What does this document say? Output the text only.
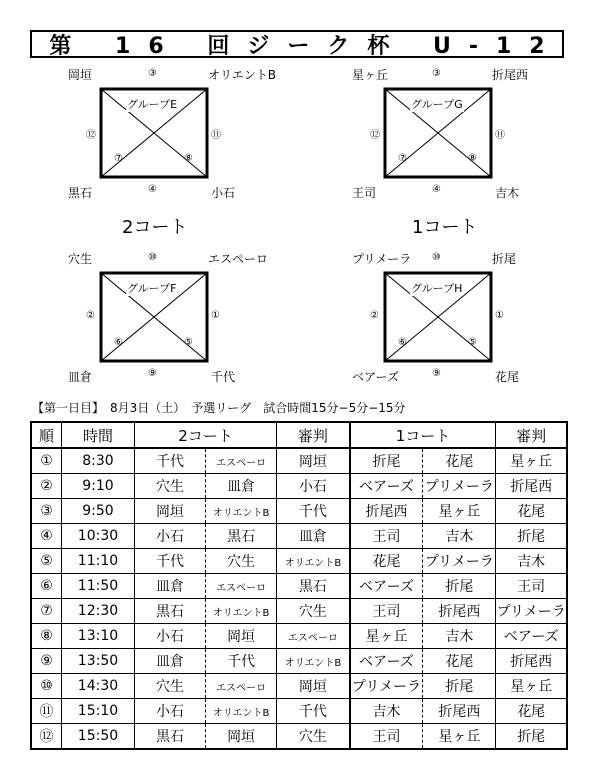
第 16 回ジーク杯 U-12
岡垣	オリエントB
黒石	小石
③
④
⑫	⑪
⑦	⑧
グループE
星ヶ丘	折尾西
王司	吉木
③
④
⑫	⑪
⑦	⑧
グループG
穴生	エスペーロ
皿倉	千代
⑩
⑨
②	①
⑥	⑤
グループF
プリメーラ	折尾
ベアーズ	花尾
⑩
⑨
②	①
⑥	⑤
グループH
2コート	1コート
【第一日目】　8月3日（土）　予選リーグ　試合時間15分−5分−15分
順	時間	2コート		審判	1コート		審判
①	8:30	千代	エスペーロ	岡垣	折尾	花尾	星ヶ丘
②	9:10	穴生	皿倉	小石	ベアーズ	プリメーラ	折尾西
③	9:50	岡垣	オリエントB	千代	折尾西	星ヶ丘	花尾
④	10:30	小石	黒石	皿倉	王司	吉木	折尾
⑤	11:10	千代	穴生	オリエントB	花尾	プリメーラ	吉木
⑥	11:50	皿倉	エスペーロ	黒石	ベアーズ	折尾	王司
⑦	12:30	黒石	オリエントB	穴生	王司	折尾西	プリメーラ
⑧	13:10	小石	岡垣	エスペーロ	星ヶ丘	吉木	ベアーズ
⑨	13:50	皿倉	千代	オリエントB	ベアーズ	花尾	折尾西
⑩	14:30	穴生	エスペーロ	岡垣	プリメーラ	折尾	星ヶ丘
⑪	15:10	小石	オリエントB	千代	吉木	折尾西	花尾
⑫	15:50	黒石	岡垣	穴生	王司	星ヶ丘	折尾
